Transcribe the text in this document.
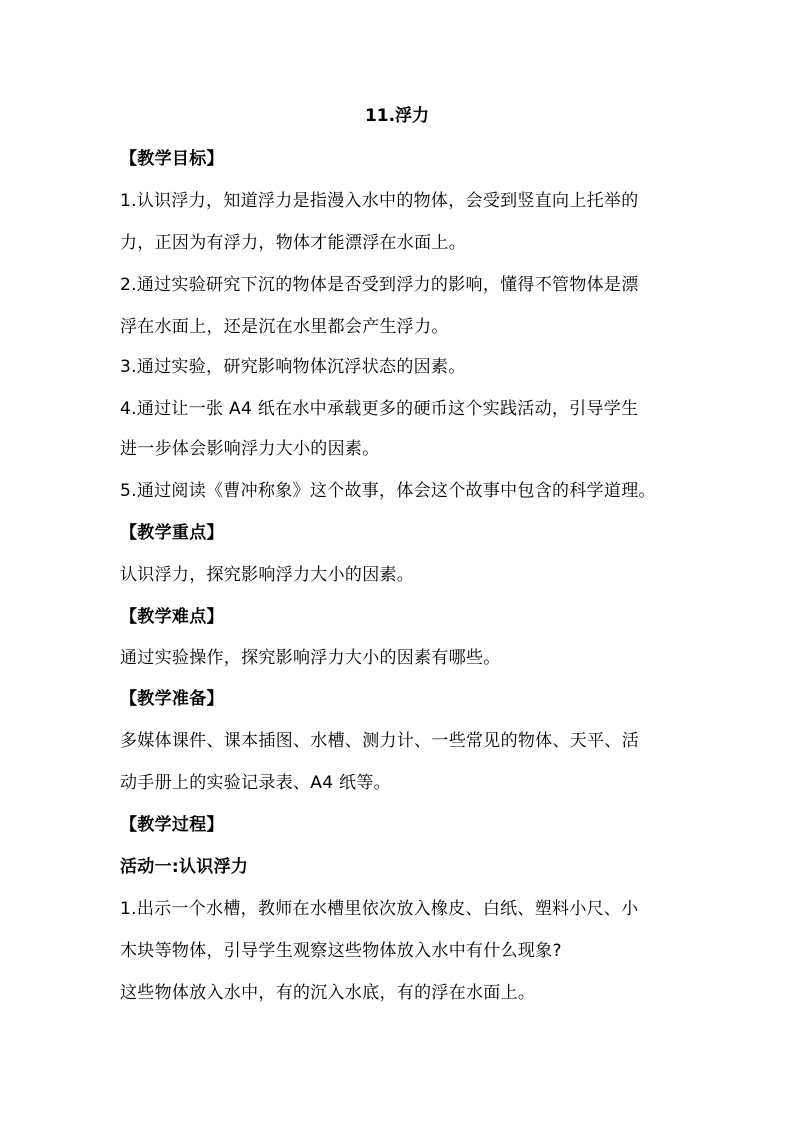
11.浮力
【教学目标】
1.认识浮力，知道浮力是指漫入水中的物体，会受到竖直向上托举的
力，正因为有浮力，物体才能漂浮在水面上。
2.通过实验研究下沉的物体是否受到浮力的影响，懂得不管物体是漂
浮在水面上，还是沉在水里都会产生浮力。
3.通过实验，研究影响物体沉浮状态的因素。
4.通过让一张 A4 纸在水中承载更多的硬币这个实践活动，引导学生
进一步体会影响浮力大小的因素。
5.通过阅读《曹冲称象》这个故事，体会这个故事中包含的科学道理。
【教学重点】
认识浮力，探究影响浮力大小的因素。
【教学难点】
通过实验操作，探究影响浮力大小的因素有哪些。
【教学准备】
多媒体课件、课本插图、水槽、测力计、一些常见的物体、天平、活
动手册上的实验记录表、A4 纸等。
【教学过程】
活动一:认识浮力
1.出示一个水槽，教师在水槽里依次放入橡皮、白纸、塑料小尺、小
木块等物体，引导学生观察这些物体放入水中有什么现象?
这些物体放入水中，有的沉入水底，有的浮在水面上。
